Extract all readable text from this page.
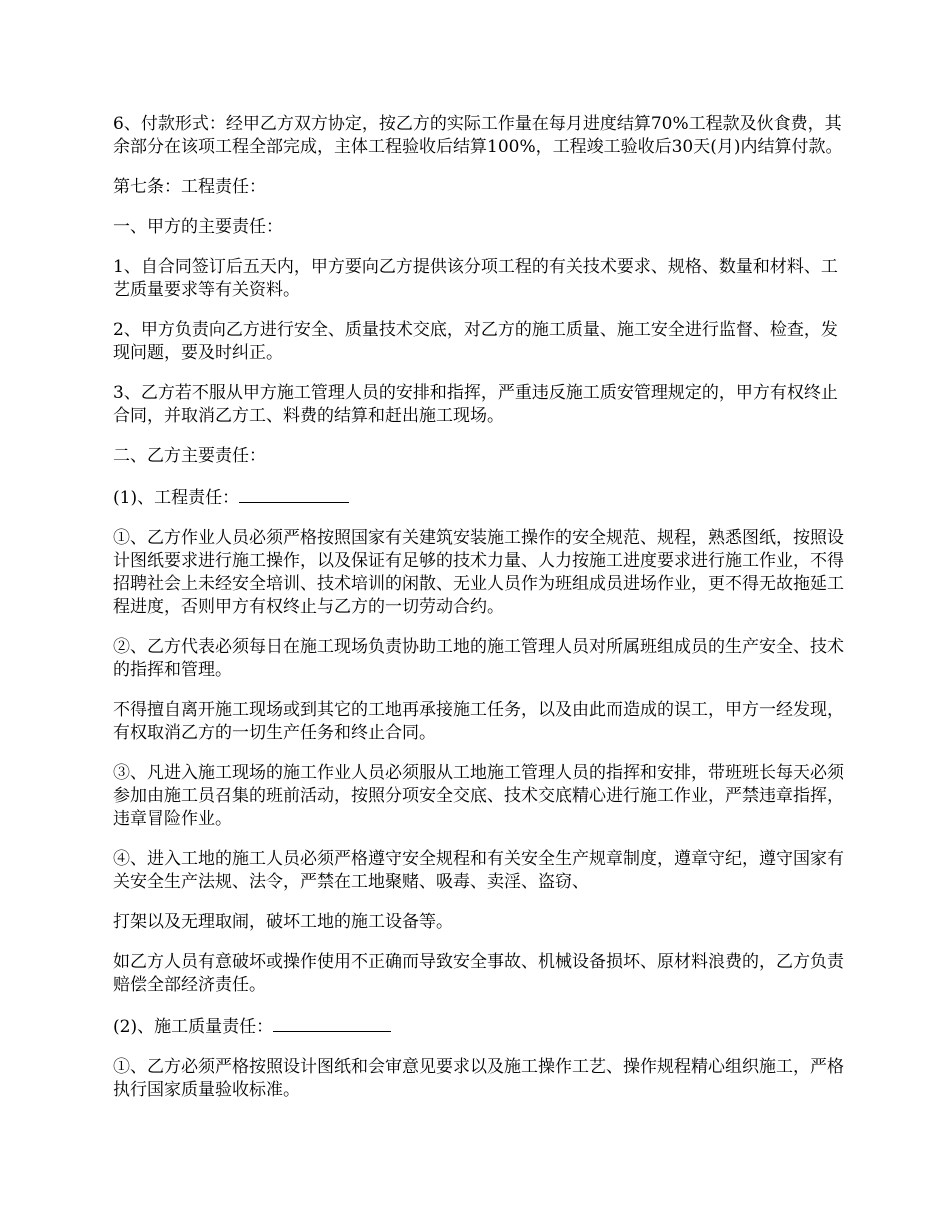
6、付款形式：经甲乙方双方协定，按乙方的实际工作量在每月进度结算70%工程款及伙食费，其余部分在该项工程全部完成，主体工程验收后结算100%，工程竣工验收后30天(月)内结算付款。

第七条：工程责任：

一、甲方的主要责任：

1、自合同签订后五天内，甲方要向乙方提供该分项工程的有关技术要求、规格、数量和材料、工艺质量要求等有关资料。

2、甲方负责向乙方进行安全、质量技术交底，对乙方的施工质量、施工安全进行监督、检查，发现问题，要及时纠正。

3、乙方若不服从甲方施工管理人员的安排和指挥，严重违反施工质安管理规定的，甲方有权终止合同，并取消乙方工、料费的结算和赶出施工现场。

二、乙方主要责任：

(1)、工程责任：

①、乙方作业人员必须严格按照国家有关建筑安装施工操作的安全规范、规程，熟悉图纸，按照设计图纸要求进行施工操作，以及保证有足够的技术力量、人力按施工进度要求进行施工作业，不得招聘社会上未经安全培训、技术培训的闲散、无业人员作为班组成员进场作业，更不得无故拖延工程进度，否则甲方有权终止与乙方的一切劳动合约。

②、乙方代表必须每日在施工现场负责协助工地的施工管理人员对所属班组成员的生产安全、技术的指挥和管理。

不得擅自离开施工现场或到其它的工地再承接施工任务，以及由此而造成的误工，甲方一经发现，有权取消乙方的一切生产任务和终止合同。

③、凡进入施工现场的施工作业人员必须服从工地施工管理人员的指挥和安排，带班班长每天必须参加由施工员召集的班前活动，按照分项安全交底、技术交底精心进行施工作业，严禁违章指挥，违章冒险作业。

④、进入工地的施工人员必须严格遵守安全规程和有关安全生产规章制度，遵章守纪，遵守国家有关安全生产法规、法令，严禁在工地聚赌、吸毒、卖淫、盗窃、

打架以及无理取闹，破坏工地的施工设备等。

如乙方人员有意破坏或操作使用不正确而导致安全事故、机械设备损坏、原材料浪费的，乙方负责赔偿全部经济责任。

(2)、施工质量责任：

①、乙方必须严格按照设计图纸和会审意见要求以及施工操作工艺、操作规程精心组织施工，严格执行国家质量验收标准。
